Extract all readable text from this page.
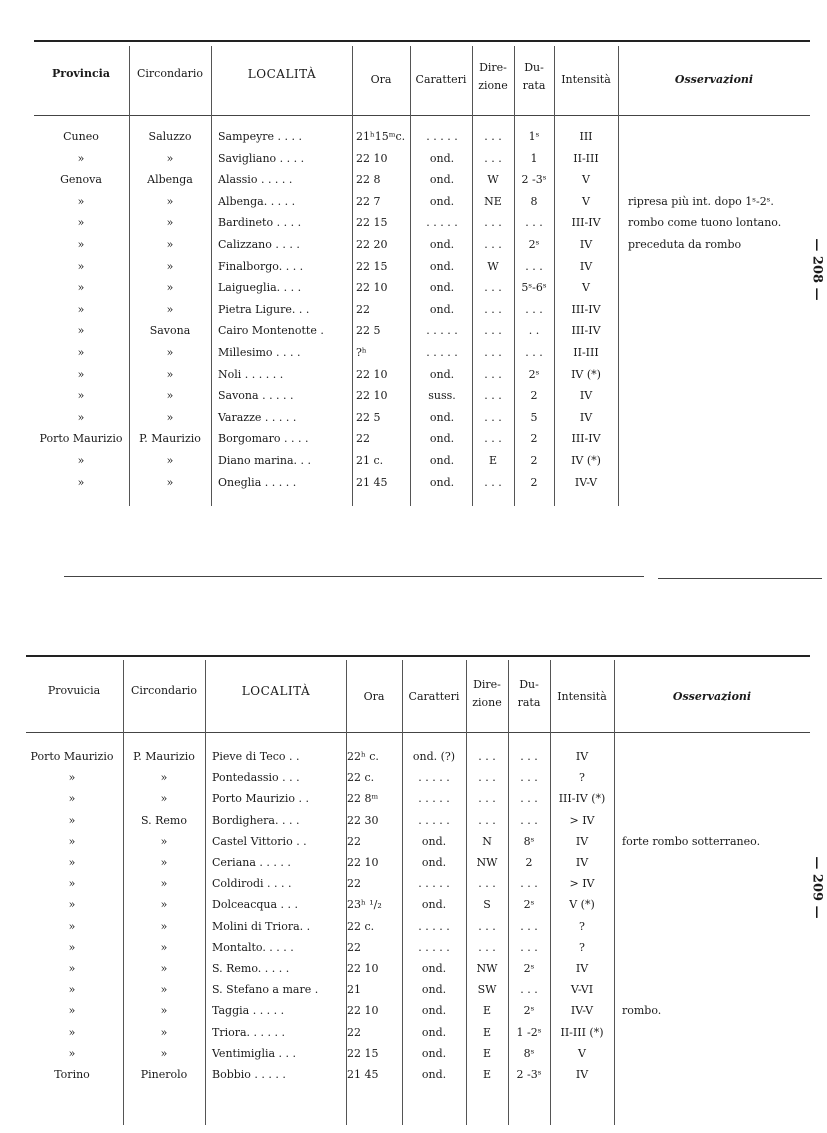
Provincia	Circondario	LOCALITÀ	Ora	Caratteri
Dire-
zione
Du-
rata	Intensità	Osservazioni
Cuneo	Saluzzo	Sampeyre . . . .	21ʰ15ᵐc.	. . . . .	. . .	1ˢ	III
»	»	Savigliano . . . .	22 10	ond.	. . .	1	II-III
Genova	Albenga	Alassio . . . . .	22 8	ond.	W	2 -3ˢ	V
»	»	Albenga. . . . .	22 7	ond.	NE	8	V	ripresa più int. dopo 1ˢ-2ˢ.
»	»	Bardineto . . . .	22 15	. . . . .	. . .	. . .	III-IV	rombo come tuono lontano.
»	»	Calizzano . . . .	22 20	ond.	. . .	2ˢ	IV	preceduta da rombo
»	»	Finalborgo. . . .	22 15	ond.	W	. . .	IV
»	»	Laigueglia. . . .	22 10	ond.	. . .	5ˢ-6ˢ	V
»	»	Pietra Ligure. . .	22	ond.	. . .	. . .	III-IV
»	Savona	Cairo Montenotte .	22 5	. . . . .	. . .	. .	III-IV
»	»	Millesimo . . . .	?ʰ	. . . . .	. . .	. . .	II-III
»	»	Noli . . . . . .	22 10	ond.	. . .	2ˢ	IV (*)
»	»	Savona . . . . .	22 10	suss.	. . .	2	IV
»	»	Varazze . . . . .	22 5	ond.	. . .	5	IV
Porto Maurizio	P. Maurizio	Borgomaro . . . .	22	ond.	. . .	2	III-IV
»	»	Diano marina. . .	21 c.	ond.	E	2	IV (*)
»	»	Oneglia . . . . .	21 45	ond.	. . .	2	IV-V
— 208 —
Provuicia	Circondario	LOCALITÀ	Ora	Caratteri
Dire-
zione
Du-
rata	Intensità	Osservazioni
Porto Maurizio	P. Maurizio	Pieve di Teco . .	22ʰ c.	ond. (?)	. . .	. . .	IV
»	»	Pontedassio . . .	22 c.	. . . . .	. . .	. . .	?
»	»	Porto Maurizio . .	22 8ᵐ	. . . . .	. . .	. . .	III-IV (*)
»	S. Remo	Bordighera. . . .	22 30	. . . . .	. . .	. . .	> IV
»	»	Castel Vittorio . .	22	ond.	N	8ˢ	IV	forte rombo sotterraneo.
»	»	Ceriana . . . . .	22 10	ond.	NW	2	IV
»	»	Coldirodi . . . .	22	. . . . .	. . .	. . .	> IV
»	»	Dolceacqua . . .	23ʰ ¹/₂	ond.	S	2ˢ	V (*)
»	»	Molini di Triora. .	22 c.	. . . . .	. . .	. . .	?
»	»	Montalto. . . . .	22	. . . . .	. . .	. . .	?
»	»	S. Remo. . . . .	22 10	ond.	NW	2ˢ	IV
»	»	S. Stefano a mare .	21	ond.	SW	. . .	V-VI
»	»	Taggia . . . . .	22 10	ond.	E	2ˢ	IV-V	rombo.
»	»	Triora. . . . . .	22	ond.	E	1 -2ˢ	II-III (*)
»	»	Ventimiglia . . .	22 15	ond.	E	8ˢ	V
Torino	Pinerolo	Bobbio . . . . .	21 45	ond.	E	2 -3ˢ	IV
— 209 —
